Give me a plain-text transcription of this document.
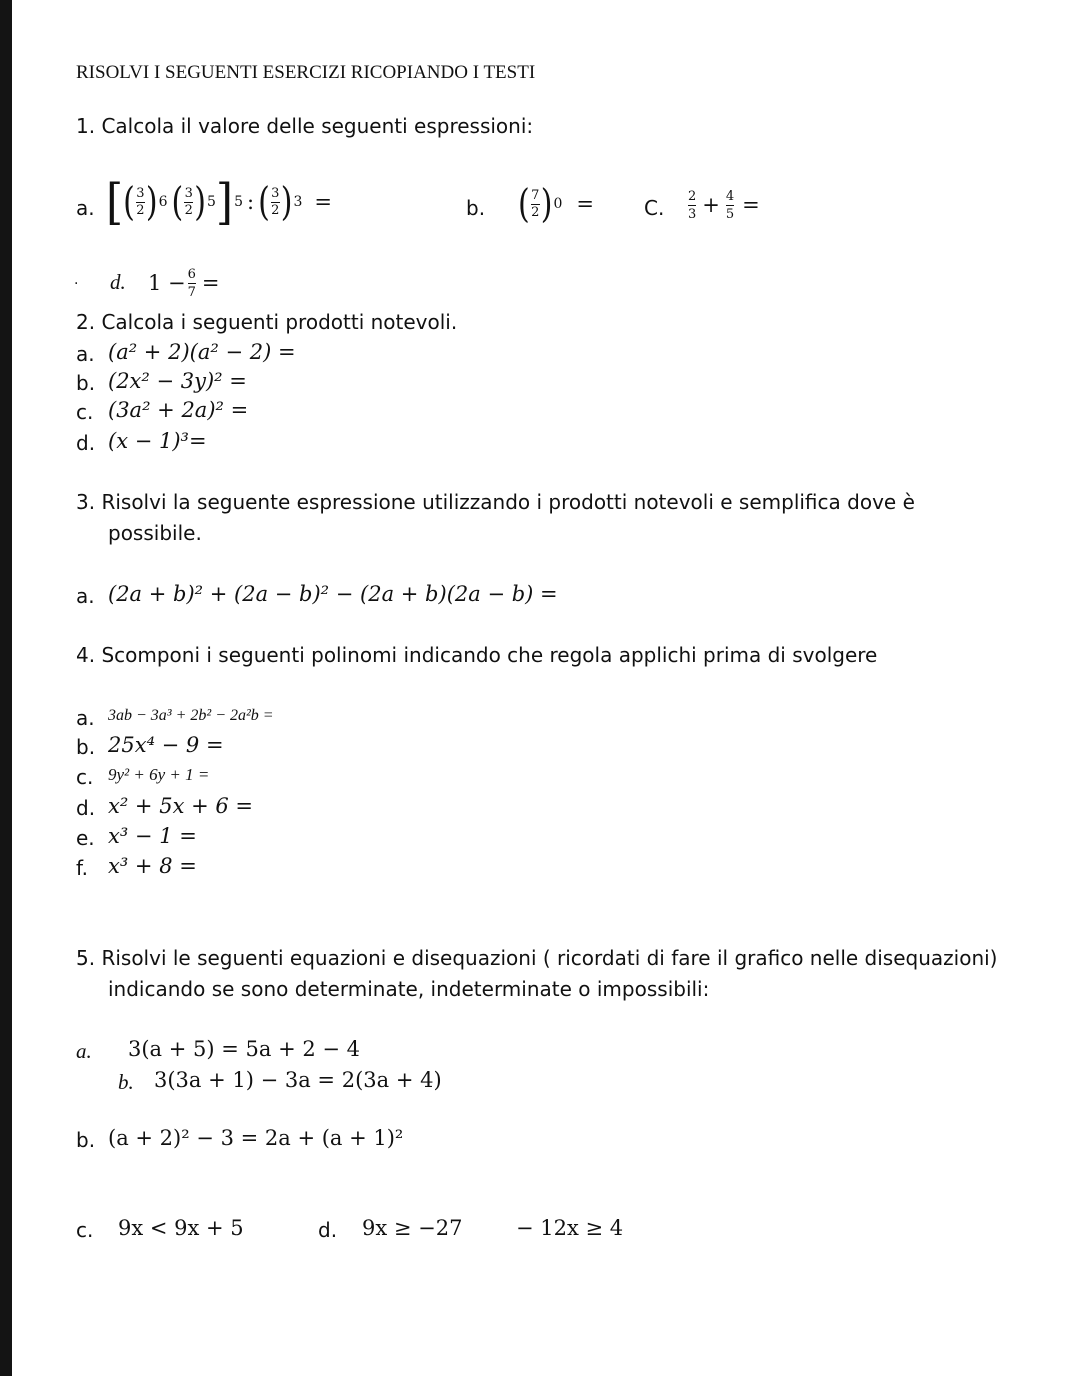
RISOLVI I SEGUENTI ESERCIZI RICOPIANDO I TESTI
1. Calcola il valore delle seguenti espressioni:
a. [ ( 3
2 ) 6 ( 3
2 ) 5 ] 5 : ( 3
2 ) 3 =	b. ( 7
2 ) 0 =	C. $\frac{2}{3} + \frac{4}{5}$ =
. d. $1 - \frac{6}{7}$ =
2. Calcola i seguenti prodotti notevoli.
a. (a² + 2)(a² − 2) =
b. (2x² − 3y)² =
c. (3a² + 2a)² =
d. (x − 1)³=
3. Risolvi la seguente espressione utilizzando i prodotti notevoli e semplifica dove è
possibile.
a. (2a + b)² + (2a − b)² − (2a + b)(2a − b) =
4. Scomponi i seguenti polinomi indicando che regola applichi prima di svolgere
a. 3ab − 3a³ + 2b² − 2a²b =
b. 25x⁴ − 9 =
c. 9y² + 6y + 1 =
d. x² + 5x + 6 =
e. x³ − 1 =
f. x³ + 8 =
5. Risolvi le seguenti equazioni e disequazioni ( ricordati di fare il grafico nelle disequazioni)
indicando se sono determinate, indeterminate o impossibili:
a. 3(a + 5) = 5a + 2 − 4
b. 3(3a + 1) − 3a = 2(3a + 4)
b. (a + 2)² − 3 = 2a + (a + 1)²
c. 9x < 9x + 5	d. 9x ≥ −27	− 12x ≥ 4
